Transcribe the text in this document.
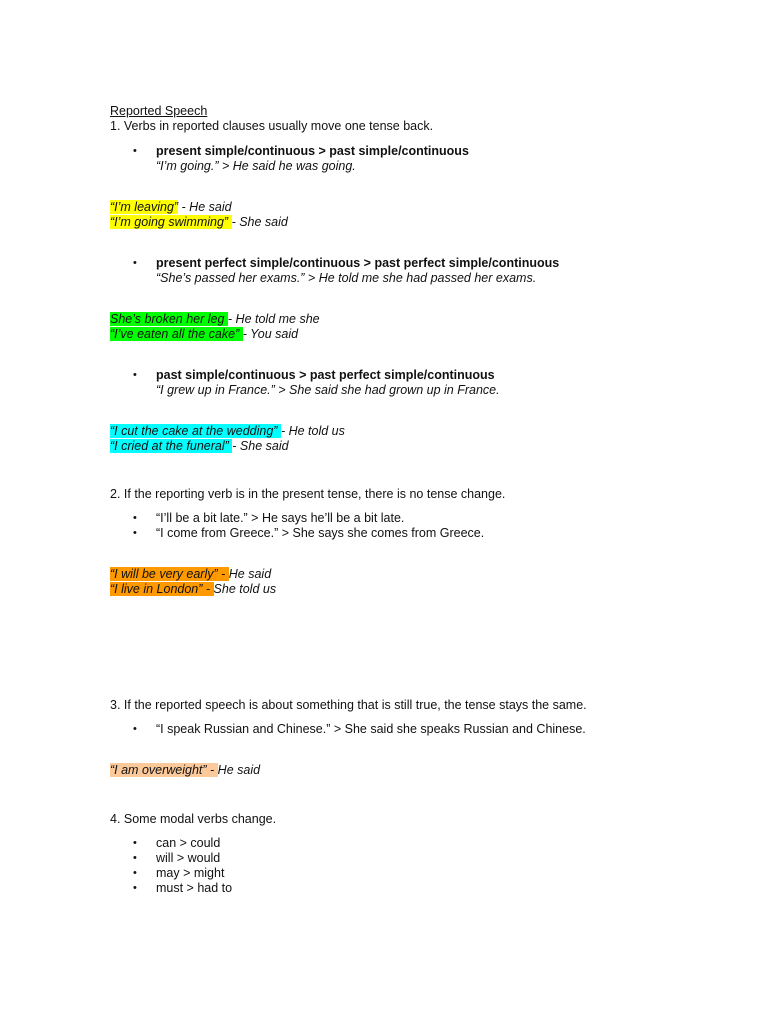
Reported Speech
1. Verbs in reported clauses usually move one tense back.
• present simple/continuous > past simple/continuous
“I’m going.” > He said he was going.
“I’m leaving” - He said
“I’m going swimming” - She said
• present perfect simple/continuous > past perfect simple/continuous
“She’s passed her exams.” > He told me she had passed her exams.
She’s broken her leg - He told me she
“I’ve eaten all the cake” - You said
• past simple/continuous > past perfect simple/continuous
“I grew up in France.” > She said she had grown up in France.
“I cut the cake at the wedding” - He told us
“I cried at the funeral” - She said
2. If the reporting verb is in the present tense, there is no tense change.
• “I’ll be a bit late.” > He says he’ll be a bit late.
• “I come from Greece.” > She says she comes from Greece.
“I will be very early” - He said
“I live in London” - She told us
3. If the reported speech is about something that is still true, the tense stays the same.
• “I speak Russian and Chinese.” > She said she speaks Russian and Chinese.
“I am overweight” - He said
4. Some modal verbs change.
• can > could
• will > would
• may > might
• must > had to
